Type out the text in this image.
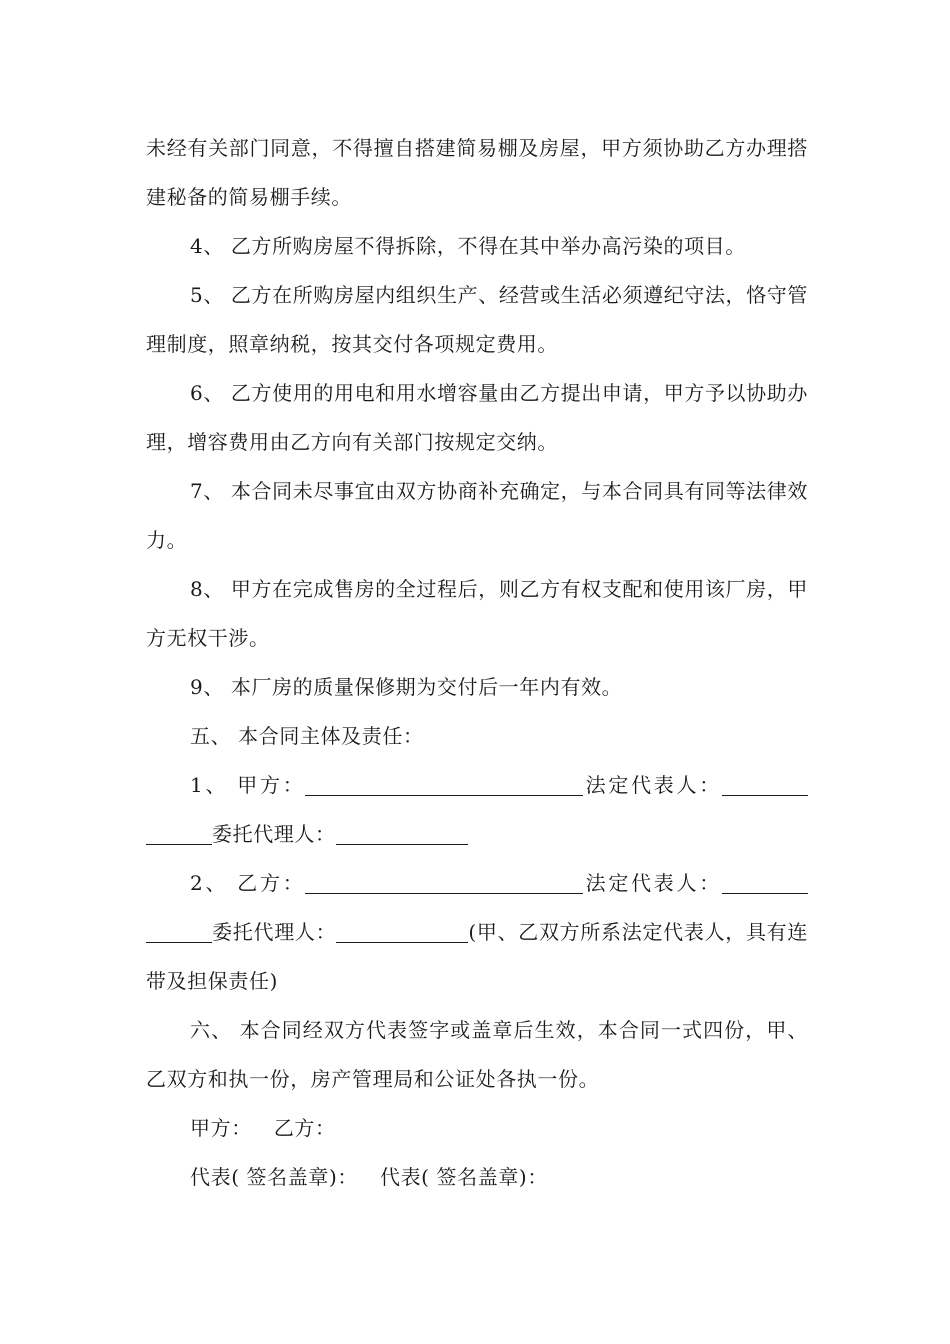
未经有关部门同意，不得擅自搭建简易棚及房屋，甲方须协助乙方办理搭建秘备的简易棚手续。

4、 乙方所购房屋不得拆除，不得在其中举办高污染的项目。

5、 乙方在所购房屋内组织生产、经营或生活必须遵纪守法，恪守管理制度，照章纳税，按其交付各项规定费用。

6、 乙方使用的用电和用水增容量由乙方提出申请，甲方予以协助办理，增容费用由乙方向有关部门按规定交纳。

7、 本合同未尽事宜由双方协商补充确定，与本合同具有同等法律效力。

8、 甲方在完成售房的全过程后，则乙方有权支配和使用该厂房，甲方无权干涉。

9、 本厂房的质量保修期为交付后一年内有效。

五、 本合同主体及责任：

1、 甲方：	法定代表人：委托代理人：

2、 乙方：	法定代表人：委托代理人：	(甲、乙双方所系法定代表人，具有连带及担保责任)

六、 本合同经双方代表签字或盖章后生效，本合同一式四份，甲、乙双方和执一份，房产管理局和公证处各执一份。

甲方： 乙方：

代表( 签名盖章)： 代表( 签名盖章)：
